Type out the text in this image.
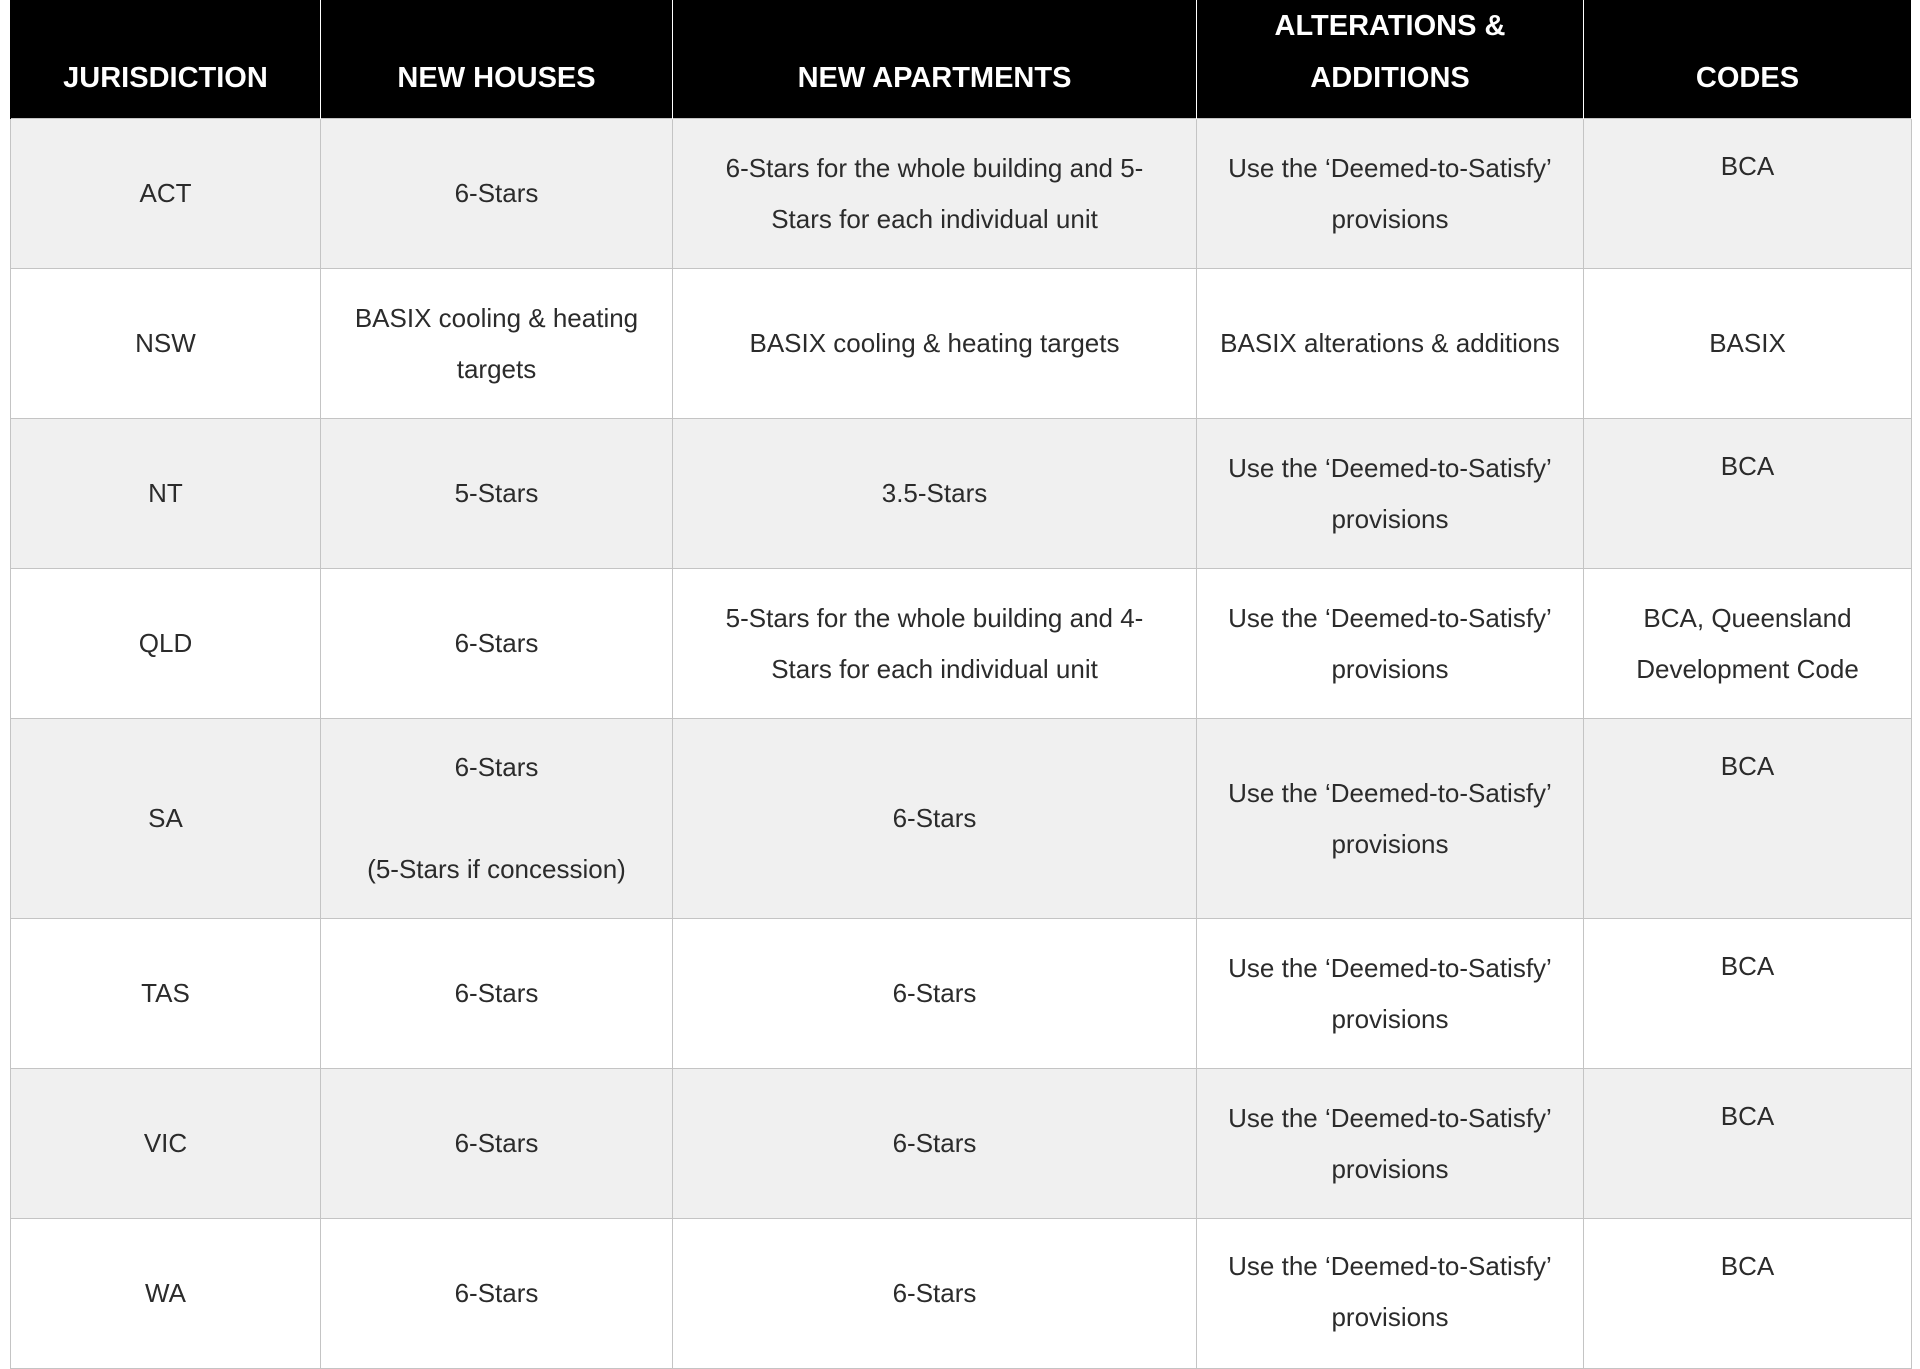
JURISDICTION	NEW HOUSES	NEW APARTMENTS	ALTERATIONS &
ADDITIONS	CODES
ACT	6-Stars	6-Stars for the whole building and 5-
Stars for each individual unit	Use the ‘Deemed-to-Satisfy’
provisions	BCA

NSW	BASIX cooling & heating
targets	BASIX cooling & heating targets	BASIX alterations & additions	BASIX

NT	5-Stars	3.5-Stars	Use the ‘Deemed-to-Satisfy’
provisions	BCA

QLD	6-Stars	5-Stars for the whole building and 4-
Stars for each individual unit	Use the ‘Deemed-to-Satisfy’
provisions	BCA, Queensland
Development Code

SA	6-Stars
(5-Stars if concession)	6-Stars	Use the ‘Deemed-to-Satisfy’
provisions	BCA

TAS	6-Stars	6-Stars	Use the ‘Deemed-to-Satisfy’
provisions	BCA

VIC	6-Stars	6-Stars	Use the ‘Deemed-to-Satisfy’
provisions	BCA

WA	6-Stars	6-Stars	Use the ‘Deemed-to-Satisfy’
provisions	BCA
